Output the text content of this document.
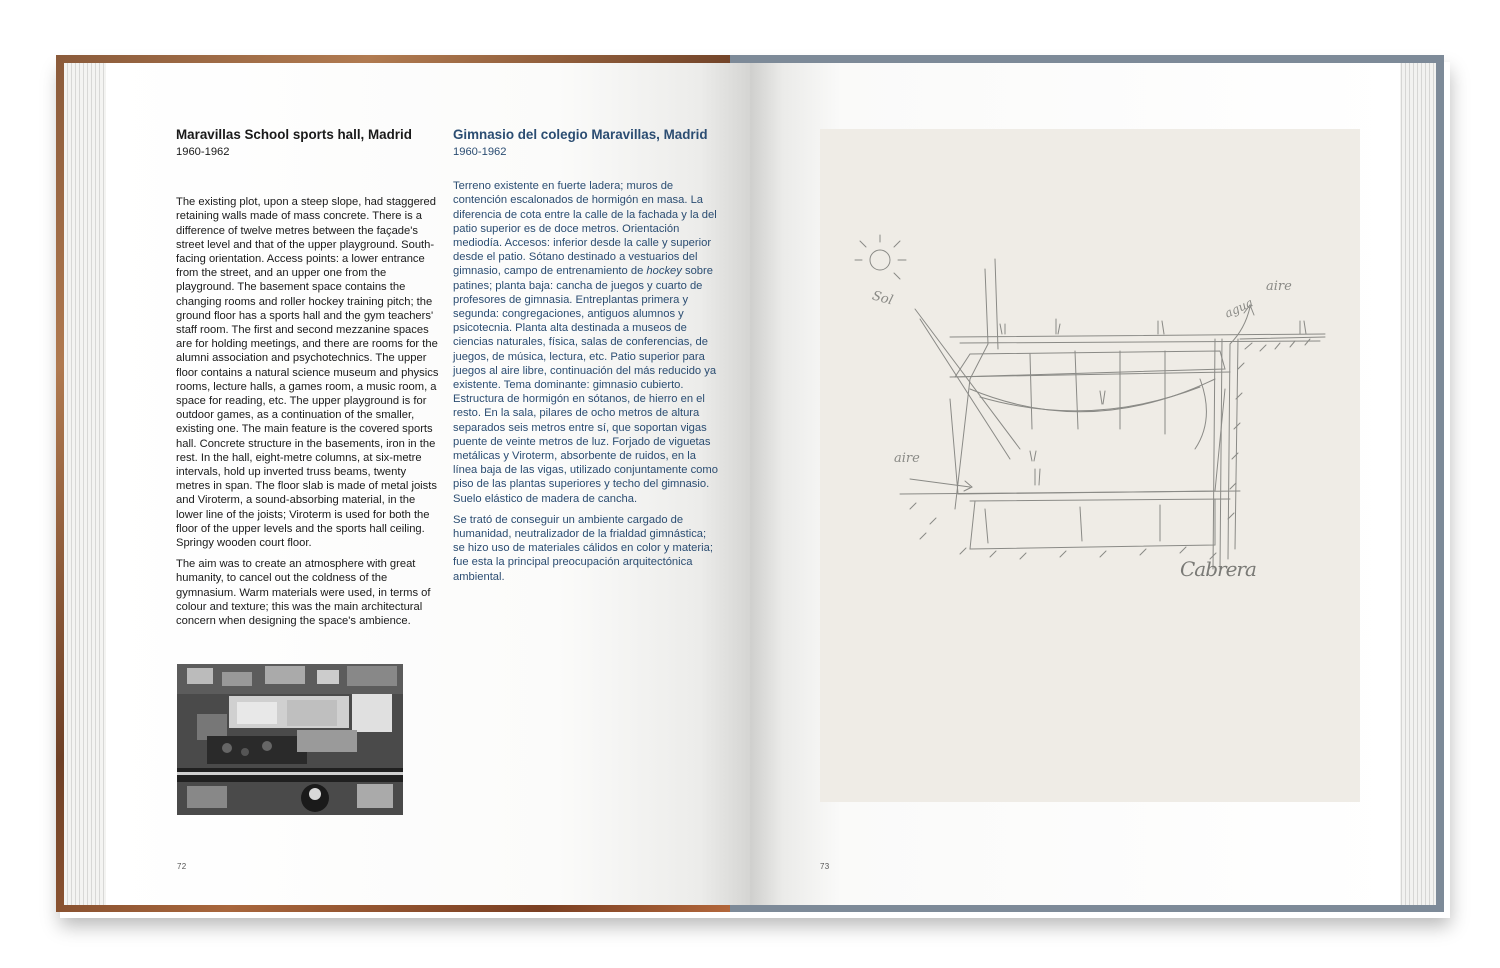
Maravillas School sports hall, Madrid
1960-1962

The existing plot, upon a steep slope, had staggered retaining walls made of mass concrete. There is a difference of twelve metres between the façade's street level and that of the upper playground. South-facing orientation. Access points: a lower entrance from the street, and an upper one from the playground. The basement space contains the changing rooms and roller hockey training pitch; the ground floor has a sports hall and the gym teachers' staff room. The first and second mezzanine spaces are for holding meetings, and there are rooms for the alumni association and psychotechnics. The upper floor contains a natural science museum and physics rooms, lecture halls, a games room, a music room, a space for reading, etc. The upper playground is for outdoor games, as a continuation of the smaller, existing one. The main feature is the covered sports hall. Concrete structure in the basements, iron in the rest. In the hall, eight-metre columns, at six-metre intervals, hold up inverted truss beams, twenty metres in span. The floor slab is made of metal joists and Viroterm, a sound-absorbing material, in the lower line of the joists; Viroterm is used for both the floor of the upper levels and the sports hall ceiling. Springy wooden court floor.

The aim was to create an atmosphere with great humanity, to cancel out the coldness of the gymnasium. Warm materials were used, in terms of colour and texture; this was the main architectural concern when designing the space's ambience.

Gimnasio del colegio Maravillas, Madrid
1960-1962

Terreno existente en fuerte ladera; muros de contención escalonados de hormigón en masa. La diferencia de cota entre la calle de la fachada y la del patio superior es de doce metros. Orientación mediodía. Accesos: inferior desde la calle y superior desde el patio. Sótano destinado a vestuarios del gimnasio, campo de entrenamiento de hockey sobre patines; planta baja: cancha de juegos y cuarto de profesores de gimnasia. Entreplantas primera y segunda: congregaciones, antiguos alumnos y psicotecnia. Planta alta destinada a museos de ciencias naturales, física, salas de conferencias, de juegos, de música, lectura, etc. Patio superior para juegos al aire libre, continuación del más reducido ya existente. Tema dominante: gimnasio cubierto. Estructura de hormigón en sótanos, de hierro en el resto. En la sala, pilares de ocho metros de altura separados seis metros entre sí, que soportan vigas puente de veinte metros de luz. Forjado de viguetas metálicas y Viroterm, absorbente de ruidos, en la línea baja de las vigas, utilizado conjuntamente como piso de las plantas superiores y techo del gimnasio. Suelo elástico de madera de cancha.

Se trató de conseguir un ambiente cargado de humanidad, neutralizador de la frialdad gimnástica; se hizo uso de materiales cálidos en color y materia; fue esta la principal preocupación arquitectónica ambiental.

72	73
Sol	agua
aire
aire
Cabrera
